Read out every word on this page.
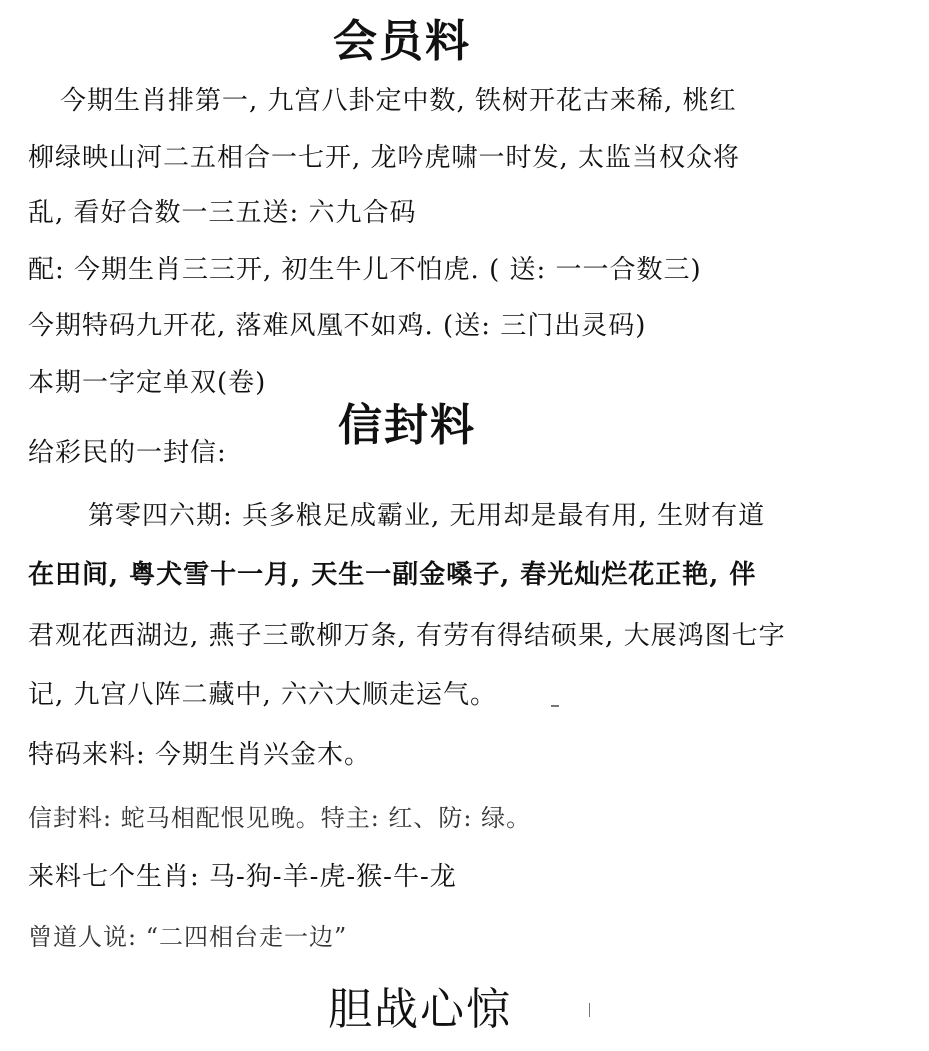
会员料

今期生肖排第一, 九宫八卦定中数, 铁树开花古来稀, 桃红

柳绿映山河二五相合一七开, 龙吟虎啸一时发, 太监当权众将

乱, 看好合数一三五送: 六九合码

配: 今期生肖三三开, 初生牛儿不怕虎. ( 送: 一一合数三)

今期特码九开花, 落难风凰不如鸡. (送: 三门出灵码)

本期一字定单双(卷)

信封料

给彩民的一封信:

第零四六期: 兵多粮足成霸业, 无用却是最有用, 生财有道

在田间, 粤犬雪十一月, 天生一副金嗓子, 春光灿烂花正艳, 伴

君观花西湖边, 燕子三歌柳万条, 有劳有得结硕果, 大展鸿图七字

记, 九宫八阵二藏中, 六六大顺走运气。

特码来料: 今期生肖兴金木。

信封料: 蛇马相配恨见晚。特主: 红、防: 绿。

来料七个生肖: 马-狗-羊-虎-猴-牛-龙

曾道人说: “二四相台走一边”

胆战心惊
